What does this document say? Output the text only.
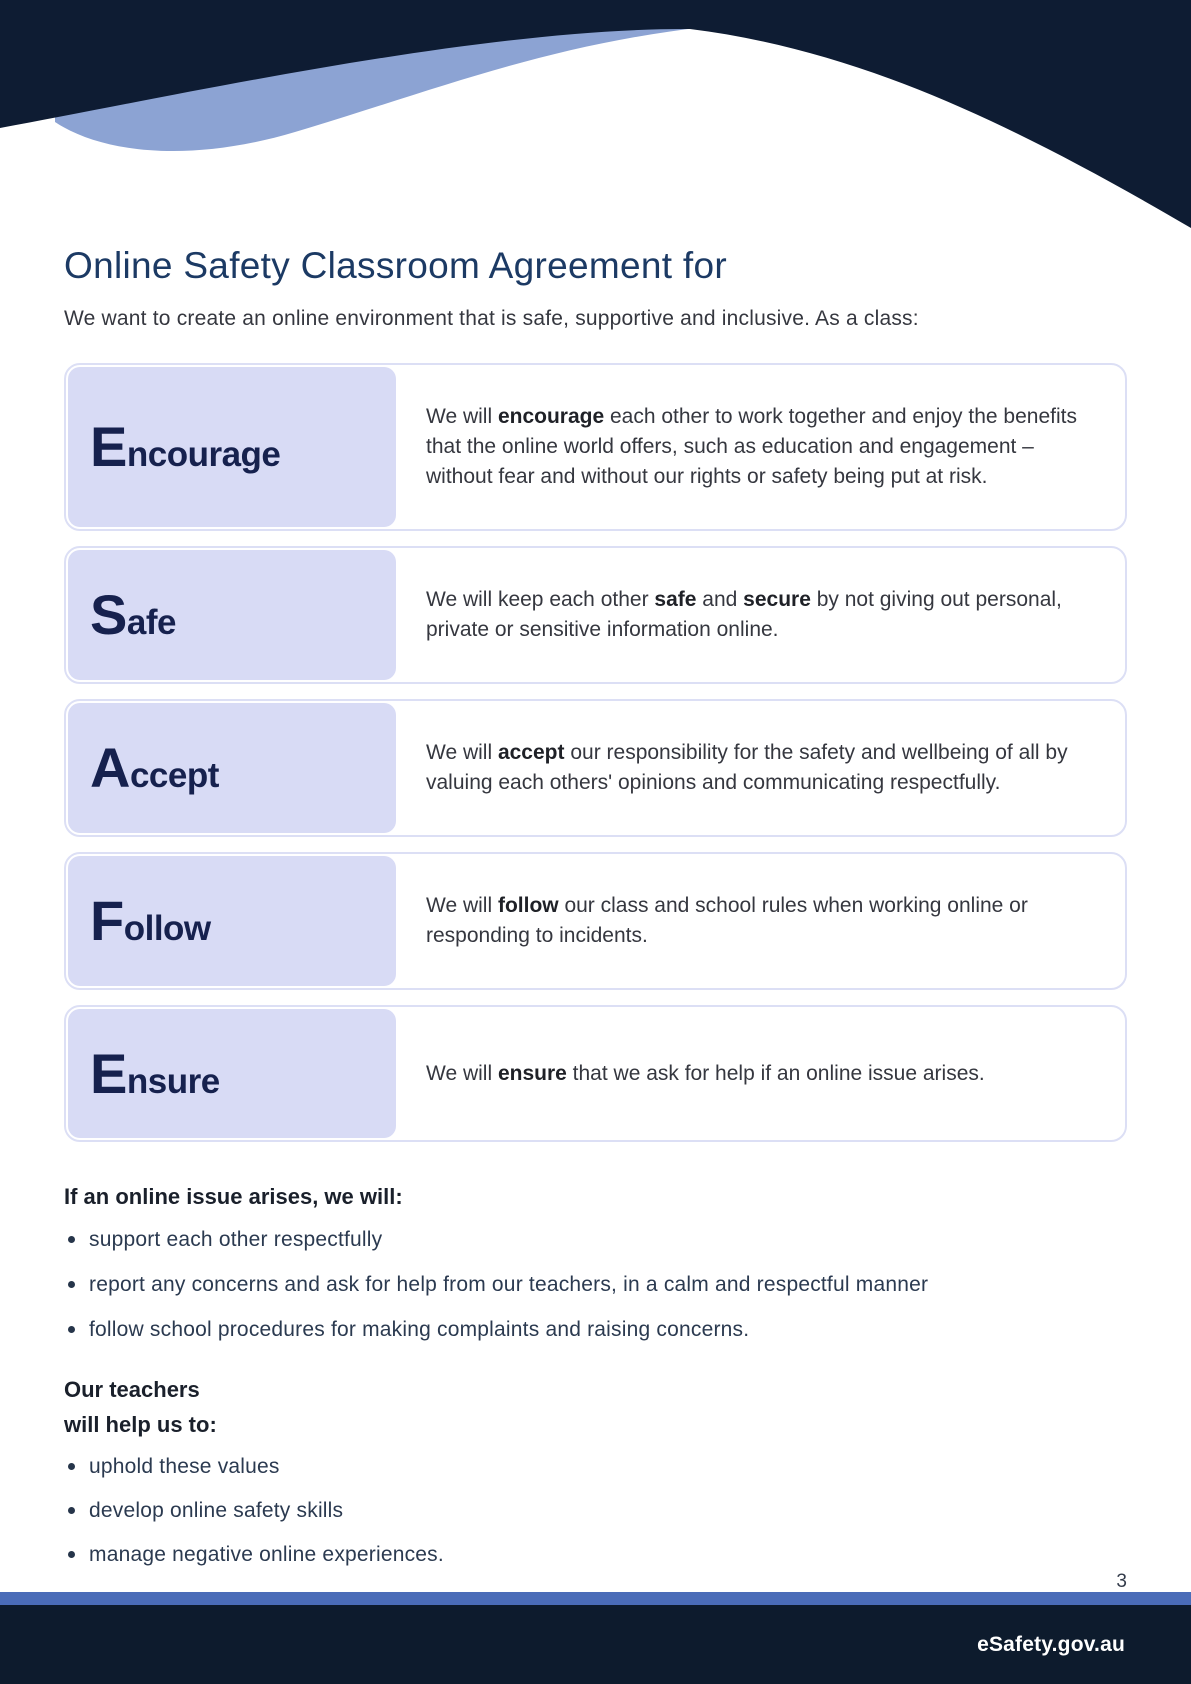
Online Safety Classroom Agreement for

We want to create an online environment that is safe, supportive and inclusive. As a class:

Encourage

We will encourage each other to work together and enjoy the benefits that the online world offers, such as education and engagement – without fear and without our rights or safety being put at risk.

Safe

We will keep each other safe and secure by not giving out personal, private or sensitive information online.

Accept

We will accept our responsibility for the safety and wellbeing of all by valuing each others' opinions and communicating respectfully.

Follow

We will follow our class and school rules when working online or responding to incidents.

Ensure	We will ensure that we ask for help if an online issue arises.

If an online issue arises, we will:
support each other respectfully
report any concerns and ask for help from our teachers, in a calm and respectful manner
follow school procedures for making complaints and raising concerns.
Our teachers
will help us to:
uphold these values
develop online safety skills
manage negative online experiences.
3
eSafety.gov.au
